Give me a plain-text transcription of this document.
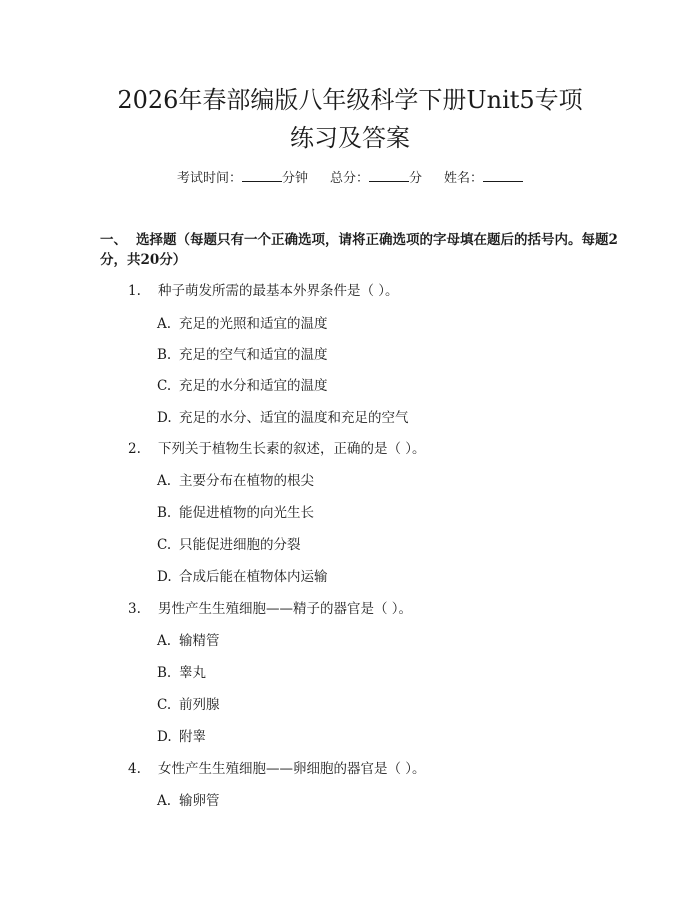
2026年春部编版八年级科学下册Unit5专项
练习及答案
考试时间：	分钟 总分：	分 姓名：
一、 选择题（每题只有一个正确选项，请将正确选项的字母填在题后的括号内。每题2分，共20分）
1. 种子萌发所需的最基本外界条件是（ ）。
A. 充足的光照和适宜的温度
B. 充足的空气和适宜的温度
C. 充足的水分和适宜的温度
D. 充足的水分、适宜的温度和充足的空气
2. 下列关于植物生长素的叙述，正确的是（ ）。
A. 主要分布在植物的根尖
B. 能促进植物的向光生长
C. 只能促进细胞的分裂
D. 合成后能在植物体内运输
3. 男性产生生殖细胞——精子的器官是（ ）。
A. 输精管
B. 睾丸
C. 前列腺
D. 附睾
4. 女性产生生殖细胞——卵细胞的器官是（ ）。
A. 输卵管
